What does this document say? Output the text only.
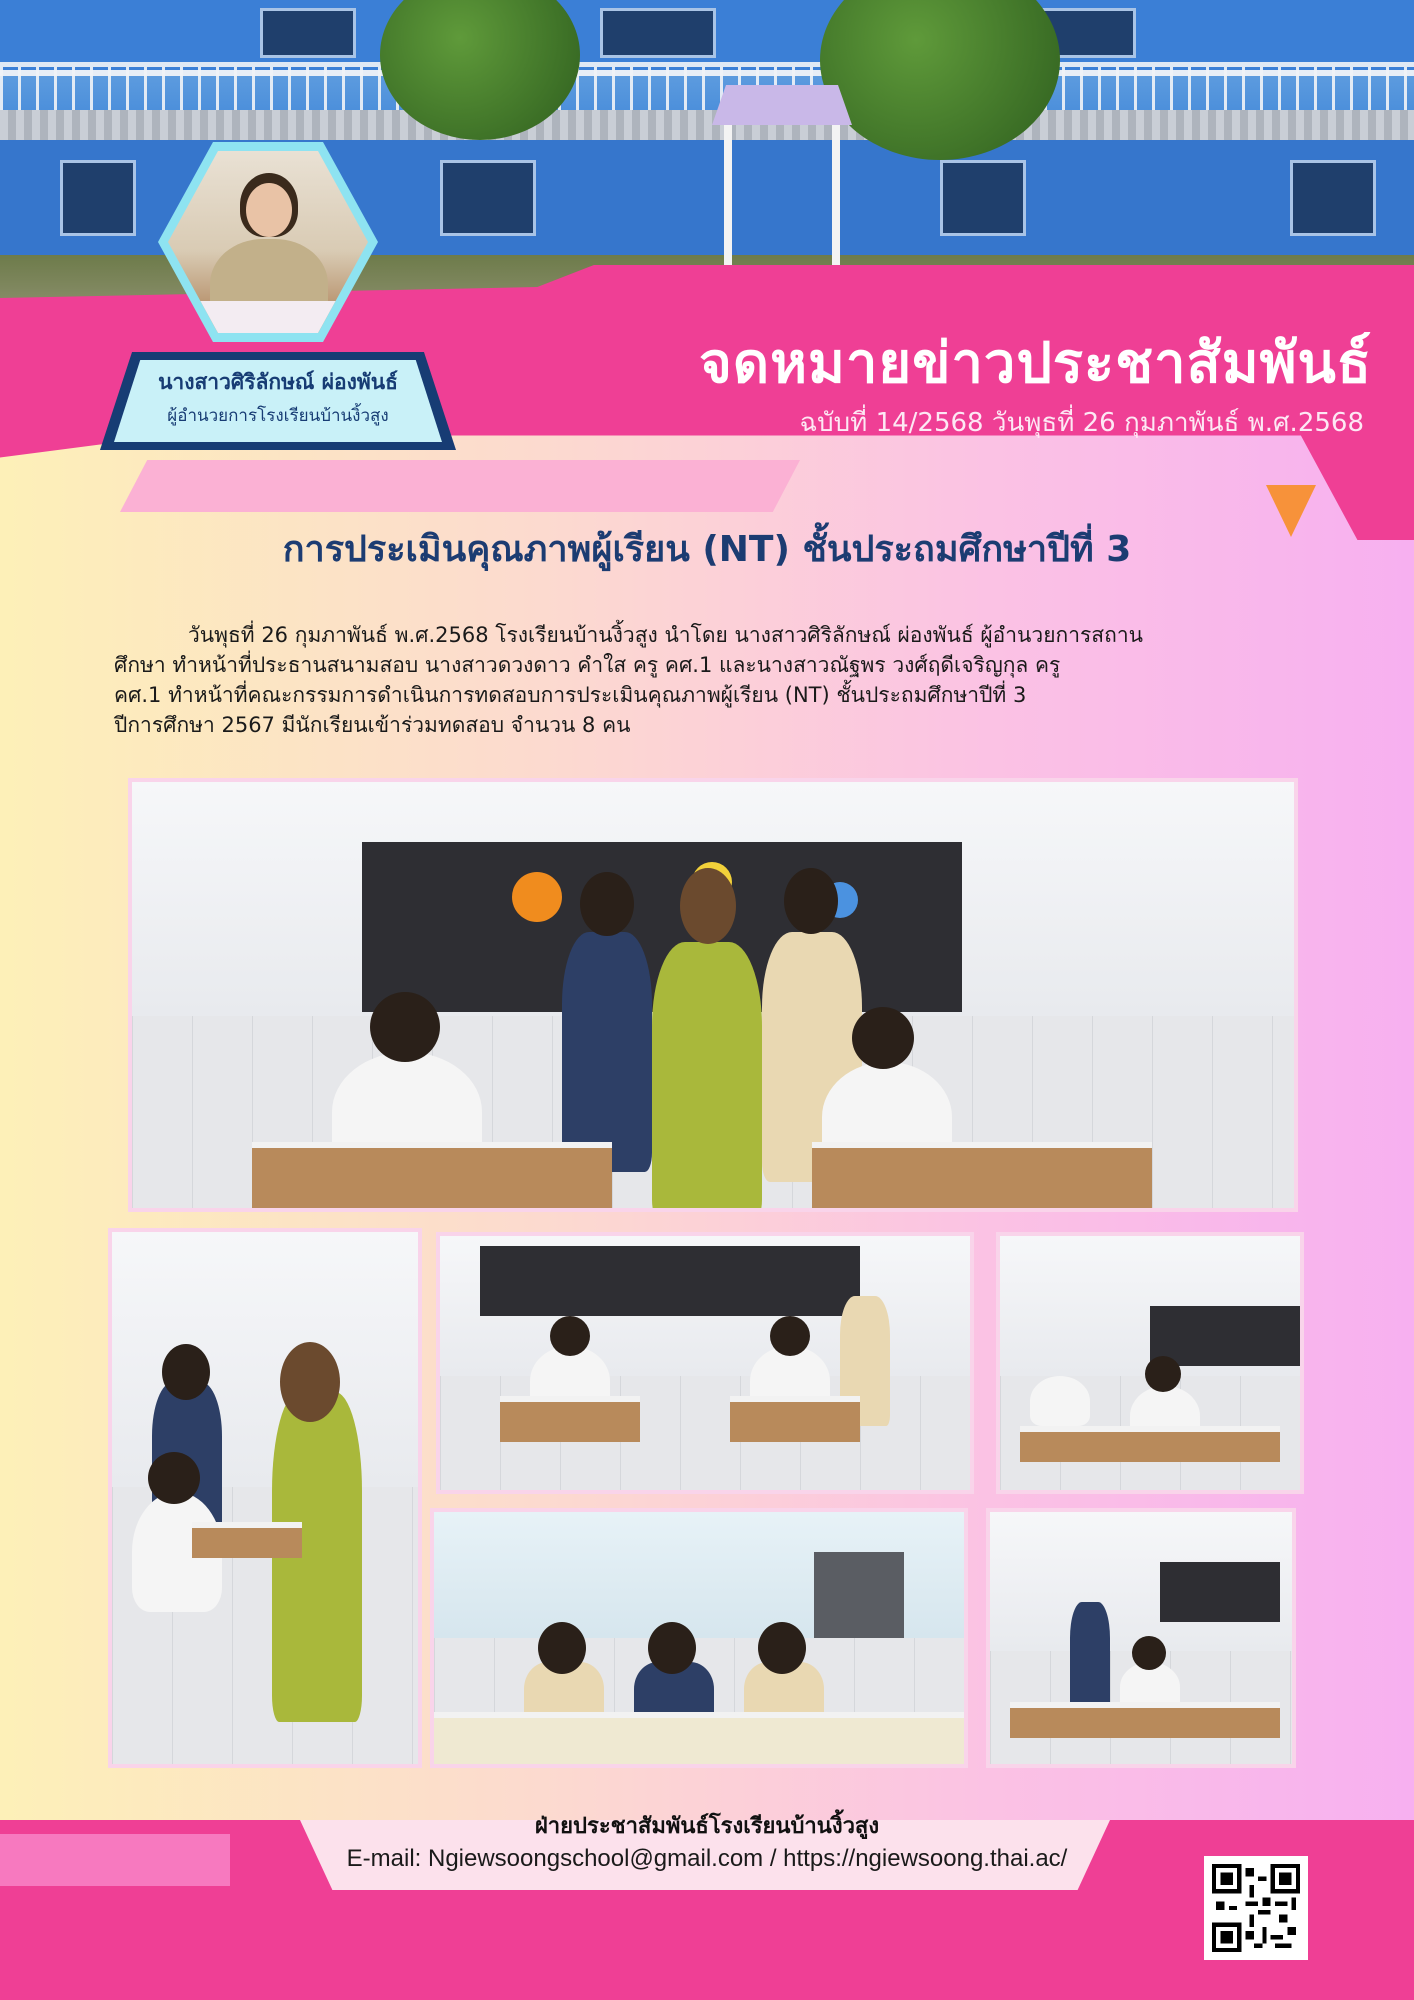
จดหมายข่าวประชาสัมพันธ์

ฉบับที่ 14/2568 วันพุธที่ 26 กุมภาพันธ์ พ.ศ.2568

นางสาวศิริลักษณ์ ผ่องพันธ์

ผู้อำนวยการโรงเรียนบ้านงิ้วสูง

การประเมินคุณภาพผู้เรียน (NT) ชั้นประถมศึกษาปีที่ 3

วันพุธที่ 26 กุมภาพันธ์ พ.ศ.2568 โรงเรียนบ้านงิ้วสูง นำโดย นางสาวศิริลักษณ์ ผ่องพันธ์ ผู้อำนวยการสถาน
ศึกษา ทำหน้าที่ประธานสนามสอบ นางสาวดวงดาว คำใส ครู คศ.1 และนางสาวณัฐพร วงศ์ฤดีเจริญกุล ครู
คศ.1 ทำหน้าที่คณะกรรมการดำเนินการทดสอบการประเมินคุณภาพผู้เรียน (NT) ชั้นประถมศึกษาปีที่ 3
ปีการศึกษา 2567 มีนักเรียนเข้าร่วมทดสอบ จำนวน 8 คน

ฝ่ายประชาสัมพันธ์โรงเรียนบ้านงิ้วสูง

E-mail: Ngiewsoongschool@gmail.com / https://ngiewsoong.thai.ac/
